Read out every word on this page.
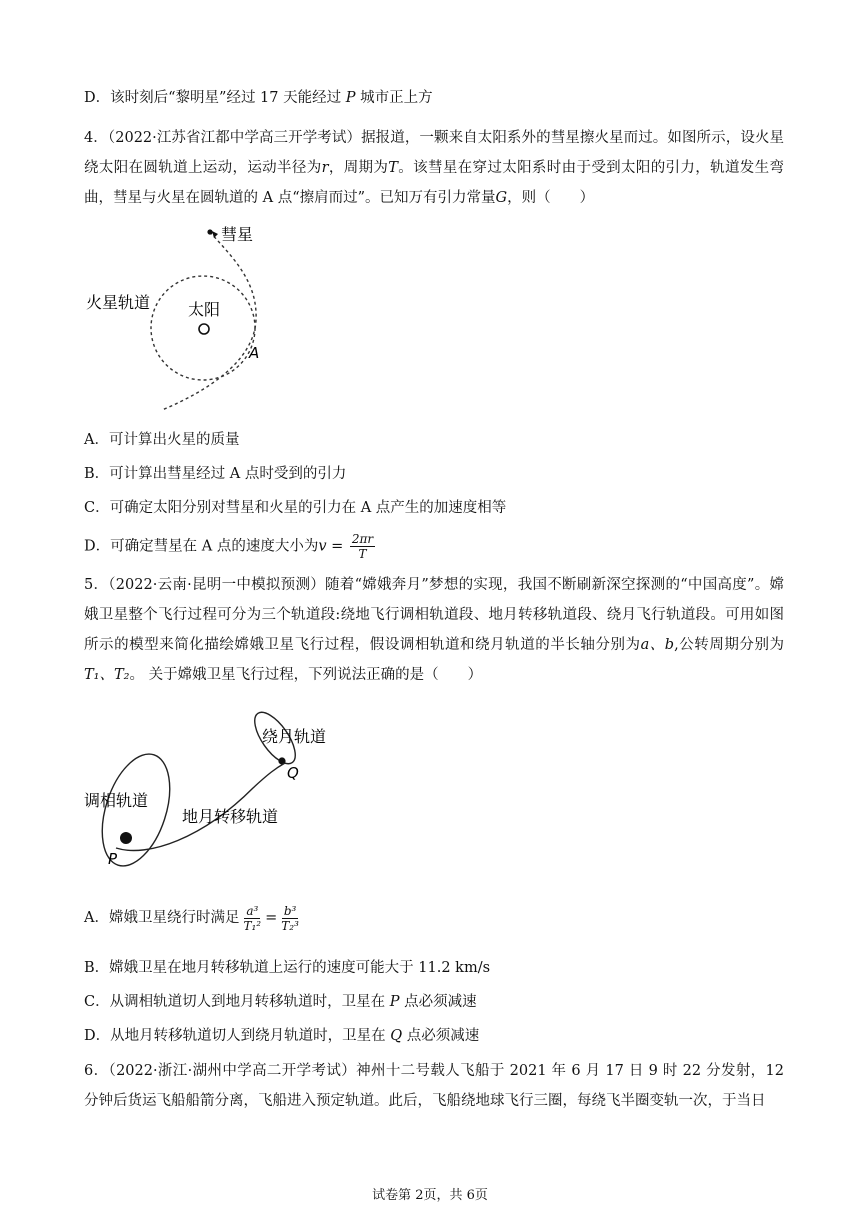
D．该时刻后“黎明星”经过 17 天能经过 P 城市正上方
4．（2022·江苏省江都中学高三开学考试）据报道，一颗来自太阳系外的彗星擦火星而过。如图所示，设火星绕太阳在圆轨道上运动，运动半径为r，周期为T。该彗星在穿过太阳系时由于受到太阳的引力，轨道发生弯曲，彗星与火星在圆轨道的 A 点“擦肩而过”。已知万有引力常量G，则（　　）
彗星
火星轨道 太阳
A
A．可计算出火星的质量
B．可计算出彗星经过 A 点时受到的引力
C．可确定太阳分别对彗星和火星的引力在 A 点产生的加速度相等
D．可确定彗星在 A 点的速度大小为$v = \frac{2\pi r}{T}$
5．（2022·云南·昆明一中模拟预测）随着“嫦娥奔月”梦想的实现，我国不断刷新深空探测的“中国高度”。嫦娥卫星整个飞行过程可分为三个轨道段:绕地飞行调相轨道段、地月转移轨道段、绕月飞行轨道段。可用如图所示的模型来简化描绘嫦娥卫星飞行过程，假设调相轨道和绕月轨道的半长轴分别为a、b,公转周期分别为T₁、T₂。 关于嫦娥卫星飞行过程，下列说法正确的是（　　）
绕月轨道
Q
调相轨道
地月转移轨道
P
A．嫦娥卫星绕行时满足 $\frac{\text{a³}}{\text{T₁²}} = \frac{\text{b³}}{\text{T₂³}}$
B．嫦娥卫星在地月转移轨道上运行的速度可能大于 11.2 km/s
C．从调相轨道切人到地月转移轨道时，卫星在 P 点必须减速
D．从地月转移轨道切人到绕月轨道时，卫星在 Q 点必须减速
6．（2022·浙江·湖州中学高二开学考试）神州十二号载人飞船于 2021 年 6 月 17 日 9 时 22 分发射，12 分钟后货运飞船船箭分离，飞船进入预定轨道。此后，飞船绕地球飞行三圈，每绕飞半圈变轨一次，于当日
试卷第 2页，共 6页
